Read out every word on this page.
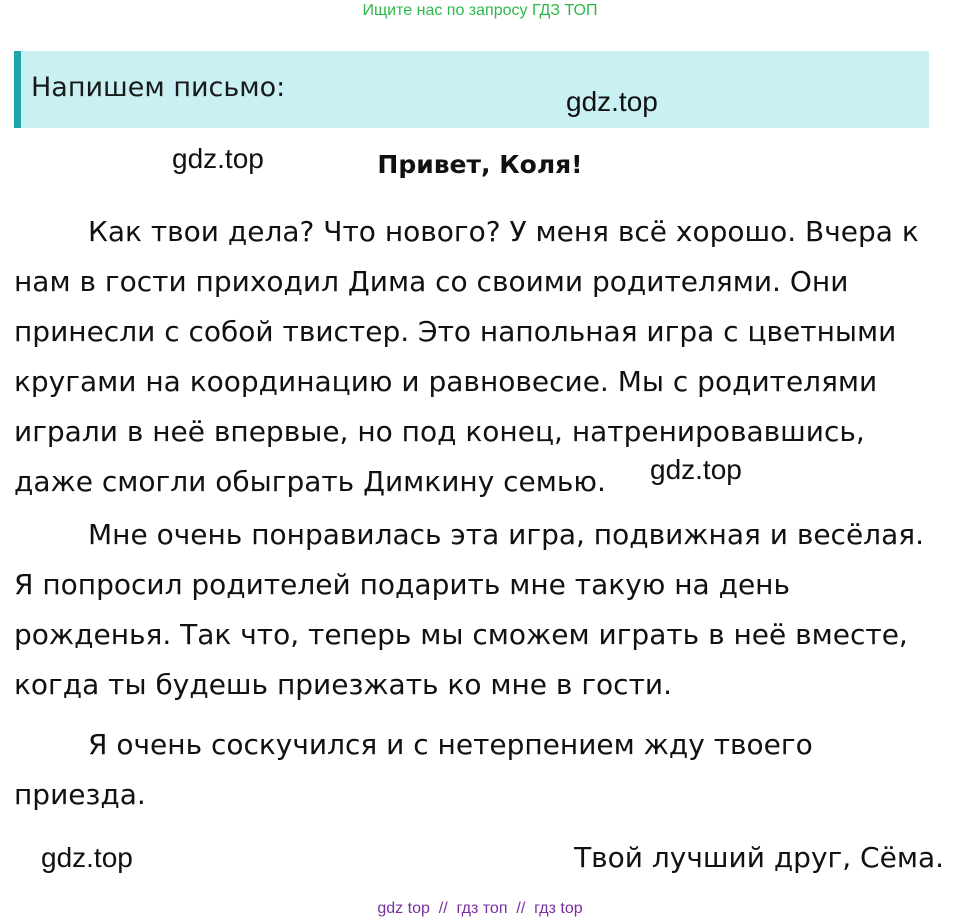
Ищите нас по запросу ГДЗ ТОП
Напишем письмо:	gdz.top
gdz.top	Привет, Коля!

Как твои дела? Что нового? У меня всё хорошо. Вчера к нам в гости приходил Дима со своими родителями. Они принесли с собой твистер. Это напольная игра с цветными кругами на координацию и равновесие. Мы с родителями играли в неё впервые, но под конец, натренировавшись, даже смогли обыграть Димкину семью.	gdz.top

Мне очень понравилась эта игра, подвижная и весёлая. Я попросил родителей подарить мне такую на день рожденья. Так что, теперь мы сможем играть в неё вместе, когда ты будешь приезжать ко мне в гости.

Я очень соскучился и с нетерпением жду твоего приезда.

gdz.top	Твой лучший друг, Сёма.
gdz top  //  гдз топ  //  гдз top
